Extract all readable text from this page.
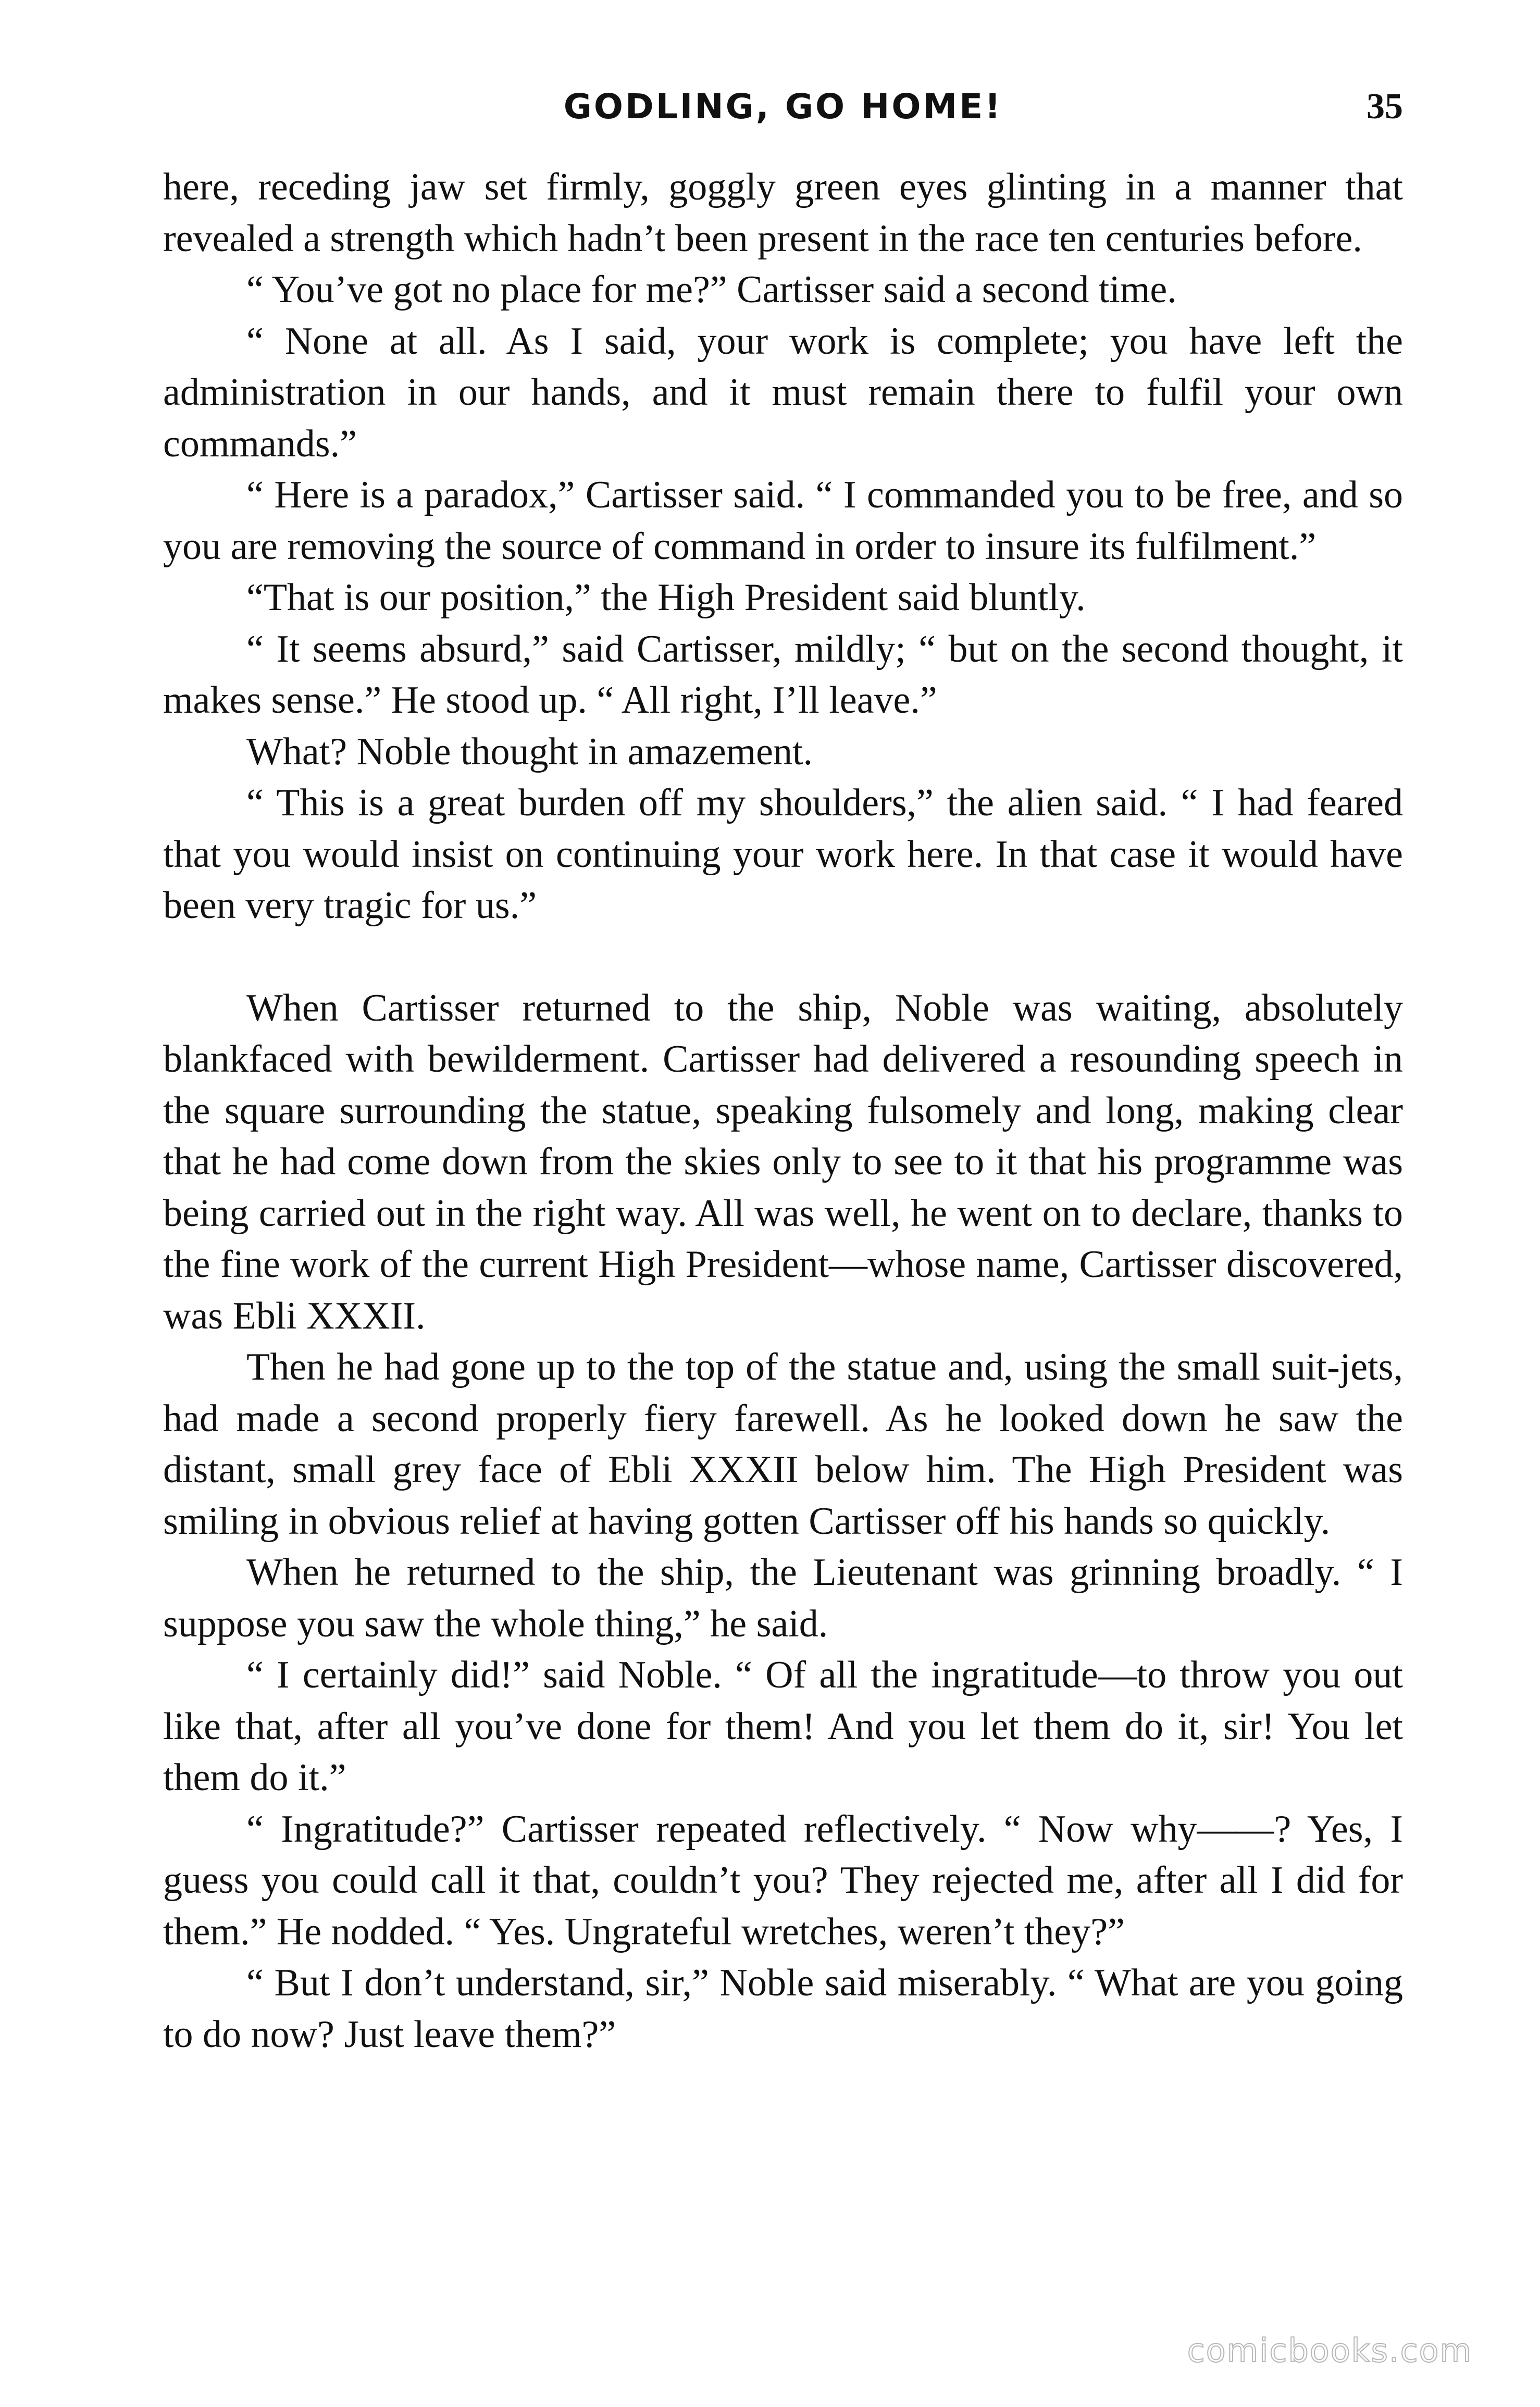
GODLING, GO HOME!	35

here, receding jaw set firmly, goggly green eyes glinting in a manner that revealed a strength which hadn’t been present in the race ten centuries before.

“ You’ve got no place for me?” Cartisser said a second time.

“ None at all. As I said, your work is complete; you have left the administration in our hands, and it must remain there to fulfil your own commands.”

“ Here is a paradox,” Cartisser said. “ I commanded you to be free, and so you are removing the source of command in order to insure its fulfilment.”

“That is our position,” the High President said bluntly.

“ It seems absurd,” said Cartisser, mildly; “ but on the second thought, it makes sense.” He stood up. “ All right, I’ll leave.”

What? Noble thought in amazement.

“ This is a great burden off my shoulders,” the alien said. “ I had feared that you would insist on continuing your work here. In that case it would have been very tragic for us.”

When Cartisser returned to the ship, Noble was waiting, absolutely blankfaced with bewilderment. Cartisser had delivered a resounding speech in the square surrounding the statue, speaking fulsomely and long, making clear that he had come down from the skies only to see to it that his programme was being carried out in the right way. All was well, he went on to declare, thanks to the fine work of the current High President—whose name, Cartisser discovered, was Ebli XXXII.

Then he had gone up to the top of the statue and, using the small suit-jets, had made a second properly fiery farewell. As he looked down he saw the distant, small grey face of Ebli XXXII below him. The High President was smiling in obvious relief at having gotten Cartisser off his hands so quickly.

When he returned to the ship, the Lieutenant was grinning broadly. “ I suppose you saw the whole thing,” he said.

“ I certainly did!” said Noble. “ Of all the ingratitude—to throw you out like that, after all you’ve done for them! And you let them do it, sir! You let them do it.”

“ Ingratitude?” Cartisser repeated reflectively. “ Now why——? Yes, I guess you could call it that, couldn’t you? They rejected me, after all I did for them.” He nodded. “ Yes. Ungrateful wretches, weren’t they?”

“ But I don’t understand, sir,” Noble said miserably. “ What are you going to do now? Just leave them?”

comicbooks.com
